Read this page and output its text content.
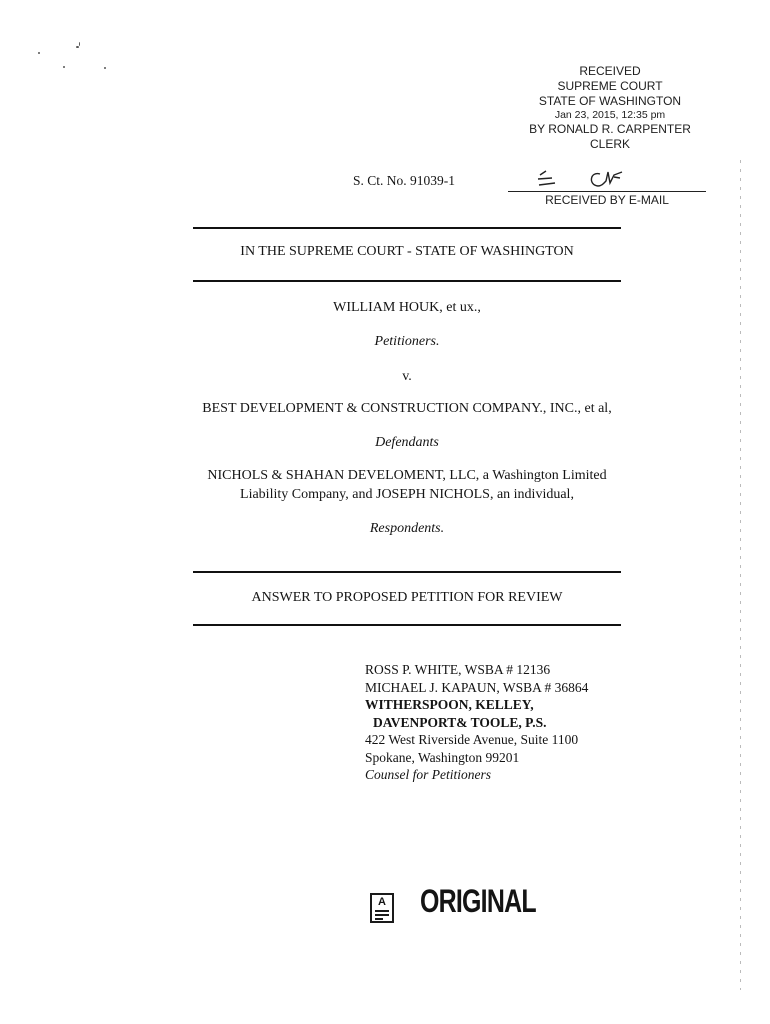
RECEIVED
SUPREME COURT
STATE OF WASHINGTON
Jan 23, 2015, 12:35 pm
BY RONALD R. CARPENTER
CLERK
S. Ct. No. 91039-1
RECEIVED BY E-MAIL
IN THE SUPREME COURT - STATE OF WASHINGTON
WILLIAM HOUK, et ux.,
Petitioners.
v.
BEST DEVELOPMENT & CONSTRUCTION COMPANY., INC., et al,
Defendants
NICHOLS & SHAHAN DEVELOMENT, LLC, a Washington Limited
Liability Company, and JOSEPH NICHOLS, an individual,
Respondents.
ANSWER TO PROPOSED PETITION FOR REVIEW
ROSS P. WHITE, WSBA # 12136
MICHAEL J. KAPAUN, WSBA # 36864
WITHERSPOON, KELLEY,
DAVENPORT& TOOLE, P.S.
422 West Riverside Avenue, Suite 1100
Spokane, Washington 99201
Counsel for Petitioners
A ORIGINAL
